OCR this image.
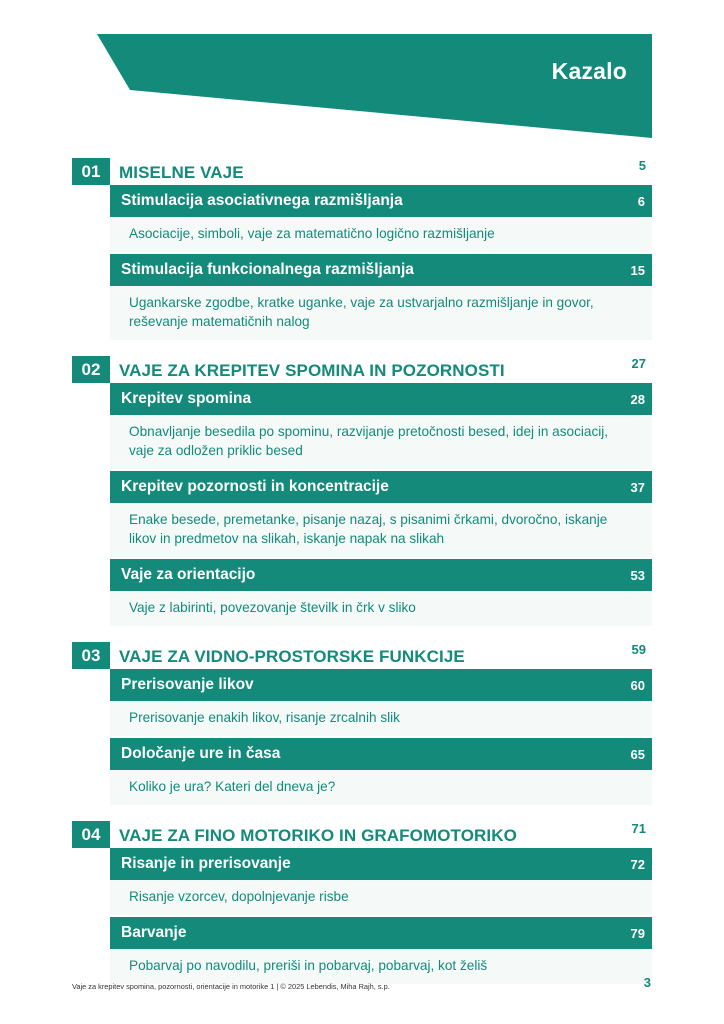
Kazalo
01	MISELNE VAJE	5
Stimulacija asociativnega razmišljanja	6
Asociacije, simboli, vaje za matematično logično razmišljanje
Stimulacija funkcionalnega razmišljanja	15
Ugankarske zgodbe, kratke uganke, vaje za ustvarjalno razmišljanje in govor,
reševanje matematičnih nalog
02	VAJE ZA KREPITEV SPOMINA IN POZORNOSTI	27
Krepitev spomina	28
Obnavljanje besedila po spominu, razvijanje pretočnosti besed, idej in asociacij,
vaje za odložen priklic besed
Krepitev pozornosti in koncentracije	37
Enake besede, premetanke, pisanje nazaj, s pisanimi črkami, dvoročno, iskanje
likov in predmetov na slikah, iskanje napak na slikah
Vaje za orientacijo	53
Vaje z labirinti, povezovanje številk in črk v sliko
03	VAJE ZA VIDNO-PROSTORSKE FUNKCIJE	59
Prerisovanje likov	60
Prerisovanje enakih likov, risanje zrcalnih slik
Določanje ure in časa	65
Koliko je ura? Kateri del dneva je?
04	VAJE ZA FINO MOTORIKO IN GRAFOMOTORIKO	71
Risanje in prerisovanje	72
Risanje vzorcev, dopolnjevanje risbe
Barvanje	79
Pobarvaj po navodilu, preriši in pobarvaj, pobarvaj, kot želiš
Vaje za krepitev spomina, pozornosti, orientacije in motorike 1 | © 2025 Lebendis, Miha Rajh, s.p.	3
